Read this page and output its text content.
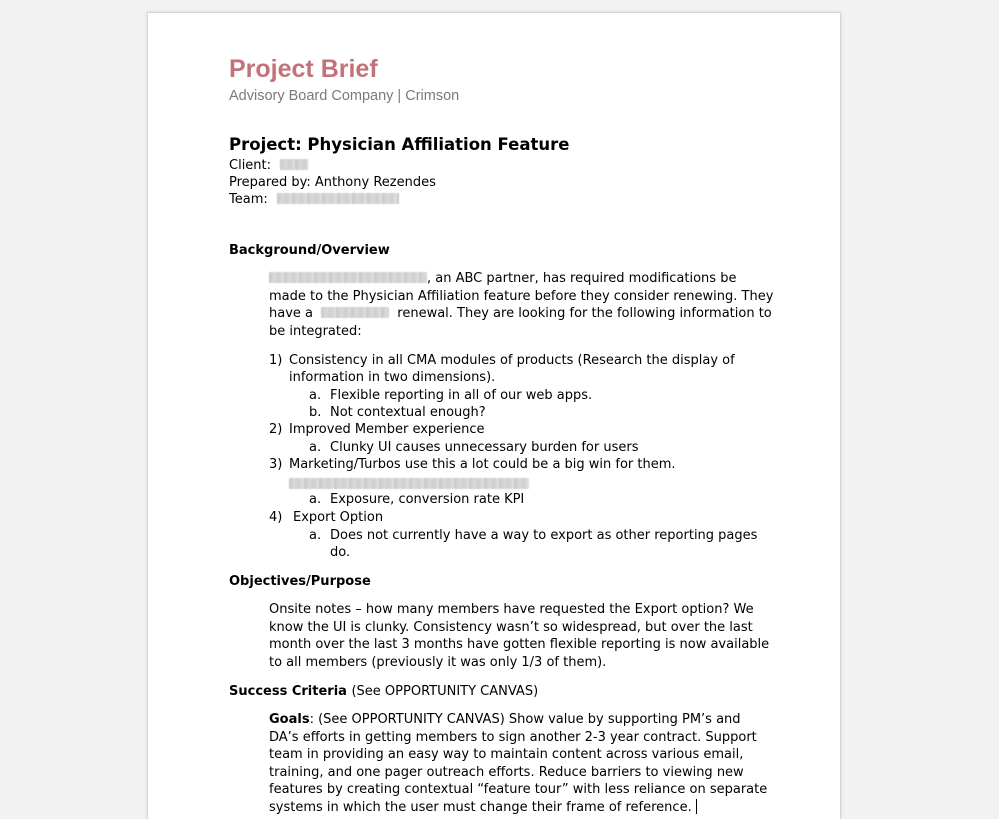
Project Brief
Advisory Board Company | Crimson
Project: Physician Affiliation Feature
Client:
Prepared by: Anthony Rezendes
Team:
Background/Overview
, an ABC partner, has required modifications be
made to the Physician Affiliation feature before they consider renewing. They
have a	renewal. They are looking for the following information to
be integrated:
1) Consistency in all CMA modules of products (Research the display of
information in two dimensions).
a. Flexible reporting in all of our web apps.
b. Not contextual enough?
2) Improved Member experience
a. Clunky UI causes unnecessary burden for users
3) Marketing/Turbos use this a lot could be a big win for them.
a. Exposure, conversion rate KPI
4) Export Option
a. Does not currently have a way to export as other reporting pages
do.
Objectives/Purpose
Onsite notes – how many members have requested the Export option? We
know the UI is clunky. Consistency wasn’t so widespread, but over the last
month over the last 3 months have gotten flexible reporting is now available
to all members (previously it was only 1/3 of them).
Success Criteria (See OPPORTUNITY CANVAS)
Goals: (See OPPORTUNITY CANVAS) Show value by supporting PM’s and
DA’s efforts in getting members to sign another 2-3 year contract. Support
team in providing an easy way to maintain content across various email,
training, and one pager outreach efforts. Reduce barriers to viewing new
features by creating contextual “feature tour” with less reliance on separate
systems in which the user must change their frame of reference.
